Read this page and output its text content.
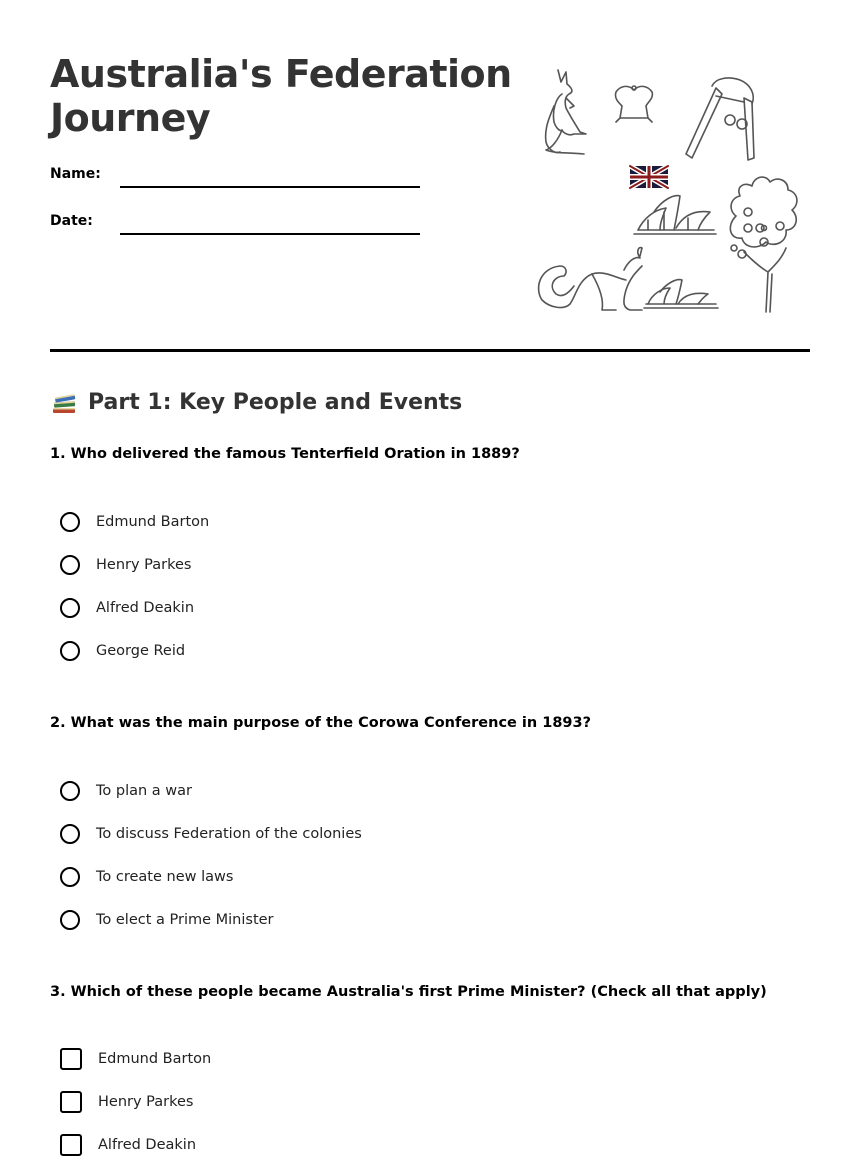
Australia's Federation Journey
Name:
Date:
Part 1: Key People and Events
1. Who delivered the famous Tenterfield Oration in 1889?
Edmund Barton
Henry Parkes
Alfred Deakin
George Reid
2. What was the main purpose of the Corowa Conference in 1893?
To plan a war
To discuss Federation of the colonies
To create new laws
To elect a Prime Minister
3. Which of these people became Australia's first Prime Minister? (Check all that apply)
Edmund Barton
Henry Parkes
Alfred Deakin
